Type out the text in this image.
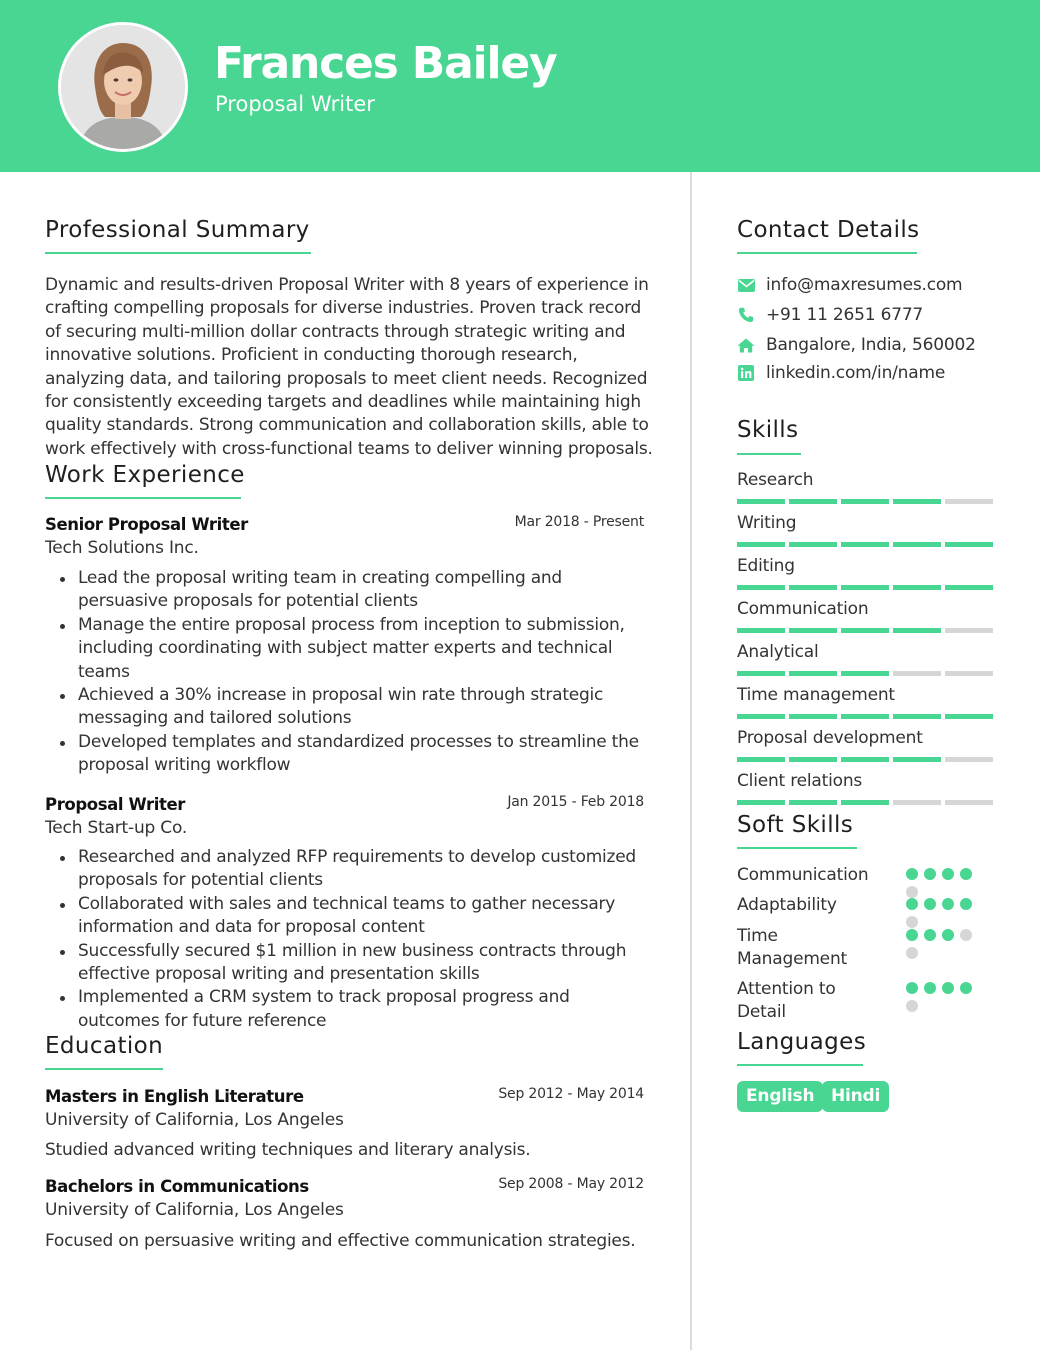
Frances Bailey
Proposal Writer
Professional Summary
Dynamic and results-driven Proposal Writer with 8 years of experience in crafting compelling proposals for diverse industries. Proven track record of securing multi-million dollar contracts through strategic writing and innovative solutions. Proficient in conducting thorough research, analyzing data, and tailoring proposals to meet client needs. Recognized for consistently exceeding targets and deadlines while maintaining high quality standards. Strong communication and collaboration skills, able to work effectively with cross-functional teams to deliver winning proposals.
Work Experience
Senior Proposal Writer	Mar 2018 - Present
Tech Solutions Inc.
Lead the proposal writing team in creating compelling and persuasive proposals for potential clients
Manage the entire proposal process from inception to submission, including coordinating with subject matter experts and technical teams
Achieved a 30% increase in proposal win rate through strategic messaging and tailored solutions
Developed templates and standardized processes to streamline the proposal writing workflow
Proposal Writer	Jan 2015 - Feb 2018
Tech Start-up Co.
Researched and analyzed RFP requirements to develop customized proposals for potential clients
Collaborated with sales and technical teams to gather necessary information and data for proposal content
Successfully secured $1 million in new business contracts through effective proposal writing and presentation skills
Implemented a CRM system to track proposal progress and outcomes for future reference
Education
Masters in English Literature	Sep 2012 - May 2014
University of California, Los Angeles
Studied advanced writing techniques and literary analysis.
Bachelors in Communications	Sep 2008 - May 2012
University of California, Los Angeles
Focused on persuasive writing and effective communication strategies.
Contact Details
info@maxresumes.com
+91 11 2651 6777
Bangalore, India, 560002
linkedin.com/in/name
Skills
Research
Writing
Editing
Communication
Analytical
Time management
Proposal development
Client relations
Soft Skills
Communication
Adaptability
Time Management
Attention to Detail
Languages
English Hindi
